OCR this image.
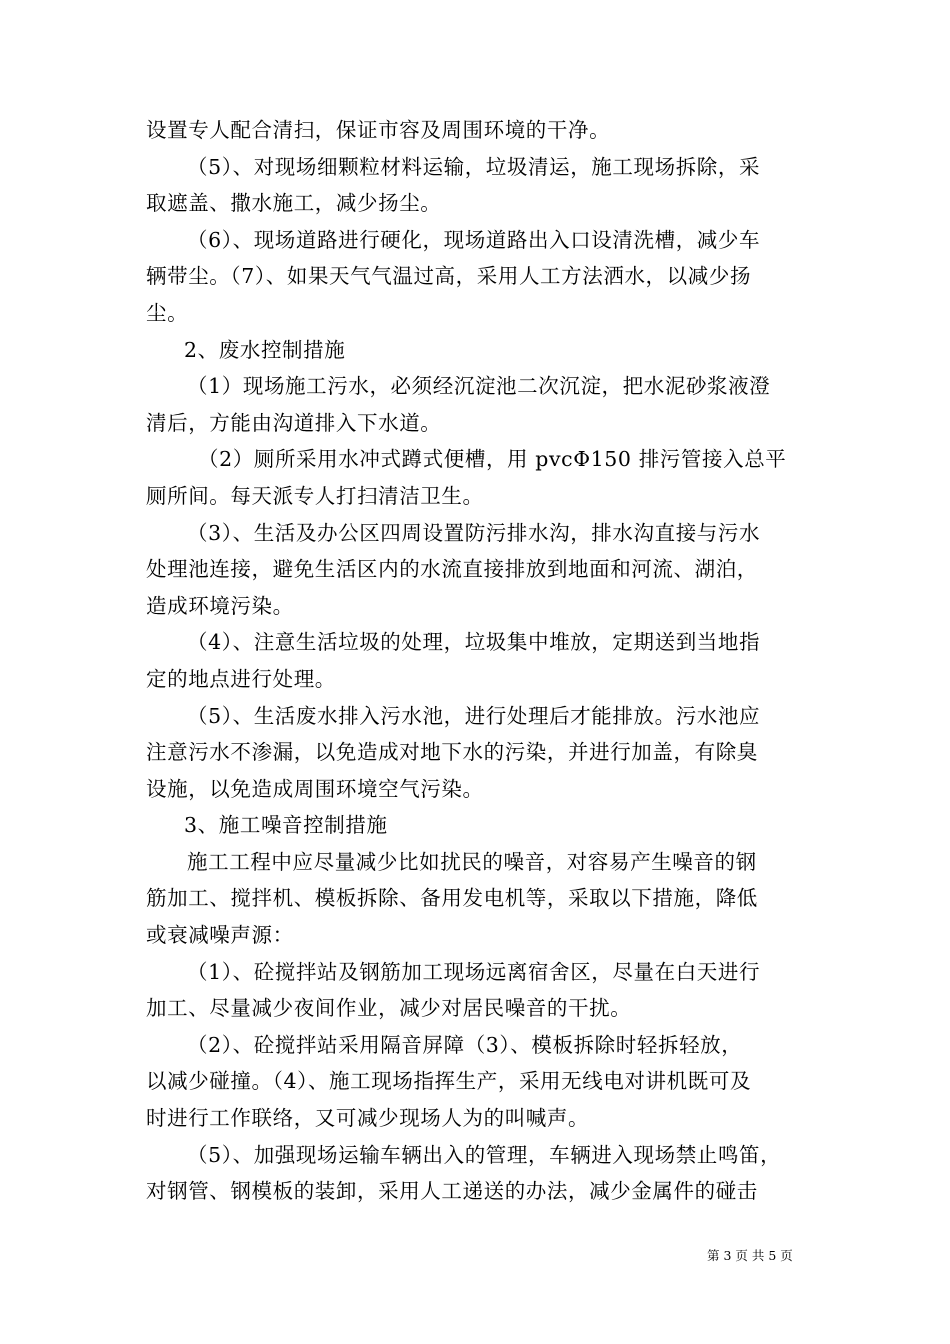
设置专人配合清扫，保证市容及周围环境的干净。
（5）、对现场细颗粒材料运输，垃圾清运，施工现场拆除，采
取遮盖、撒水施工，减少扬尘。
（6）、现场道路进行硬化，现场道路出入口设清洗槽，减少车
辆带尘。（7）、如果天气气温过高，采用人工方法洒水，以减少扬
尘。
2、废水控制措施
（1）现场施工污水，必须经沉淀池二次沉淀，把水泥砂浆液澄
清后，方能由沟道排入下水道。
（2）厕所采用水冲式蹲式便槽，用 pvcΦ150 排污管接入总平
厕所间。每天派专人打扫清洁卫生。
（3）、生活及办公区四周设置防污排水沟，排水沟直接与污水
处理池连接，避免生活区内的水流直接排放到地面和河流、湖泊，
造成环境污染。
（4）、注意生活垃圾的处理，垃圾集中堆放，定期送到当地指
定的地点进行处理。
（5）、生活废水排入污水池，进行处理后才能排放。污水池应
注意污水不渗漏，以免造成对地下水的污染，并进行加盖，有除臭
设施，以免造成周围环境空气污染。
3、施工噪音控制措施
施工工程中应尽量减少比如扰民的噪音，对容易产生噪音的钢
筋加工、搅拌机、模板拆除、备用发电机等，采取以下措施，降低
或衰减噪声源：
（1）、砼搅拌站及钢筋加工现场远离宿舍区，尽量在白天进行
加工、尽量减少夜间作业，减少对居民噪音的干扰。
（2）、砼搅拌站采用隔音屏障（3）、模板拆除时轻拆轻放，
以减少碰撞。（4）、施工现场指挥生产，采用无线电对讲机既可及
时进行工作联络，又可减少现场人为的叫喊声。
（5）、加强现场运输车辆出入的管理，车辆进入现场禁止鸣笛，
对钢管、钢模板的装卸，采用人工递送的办法，减少金属件的碰击
第 3 页 共 5 页
